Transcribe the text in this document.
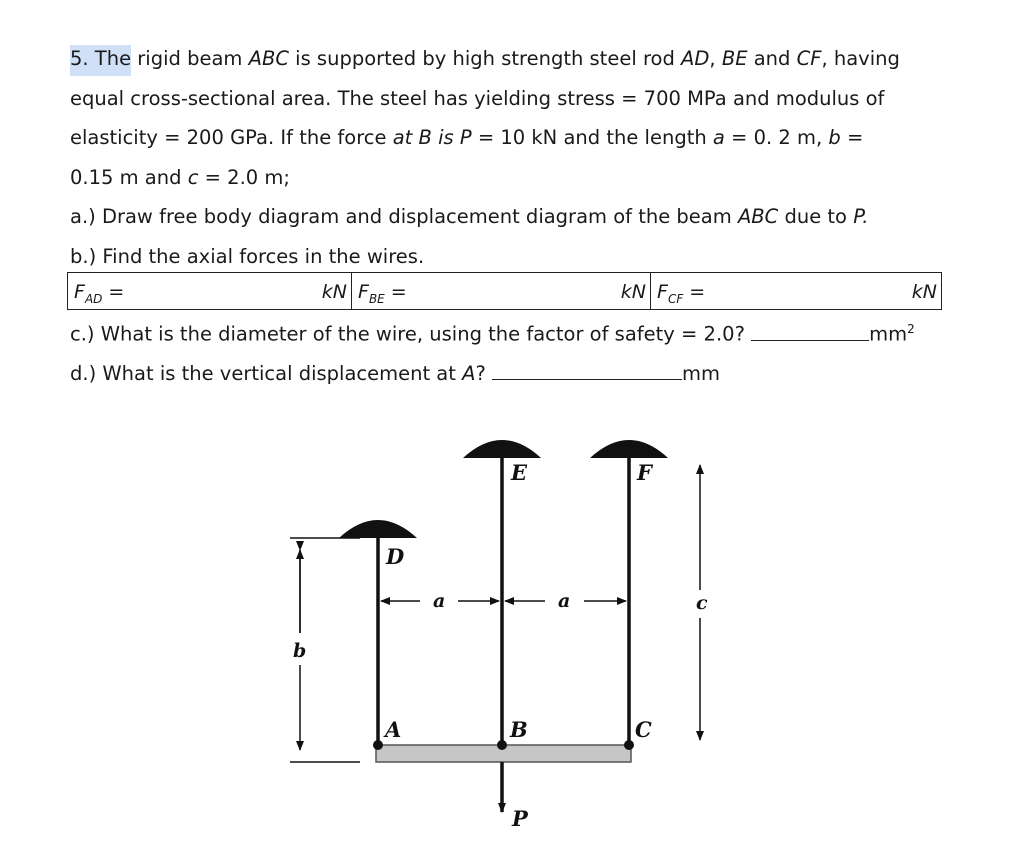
5. The rigid beam ABC is supported by high strength steel rod AD, BE and CF, having
equal cross-sectional area. The steel has yielding stress = 700 MPa and modulus of
elasticity = 200 GPa. If the force at B is P = 10 kN and the length a = 0. 2 m, b =
0.15 m and c = 2.0 m;
a.) Draw free body diagram and displacement diagram of the beam ABC due to P.
b.) Find the axial forces in the wires.
$F_{AD}$ =	kN $F_{BE}$ =	kN $F_{CF}$ =	kN
c.) What is the diameter of the wire, using the factor of safety = 2.0?	$mm^2$
d.) What is the vertical displacement at A?	mm
D
E	F
A	B	C
a	a
b
c
P
